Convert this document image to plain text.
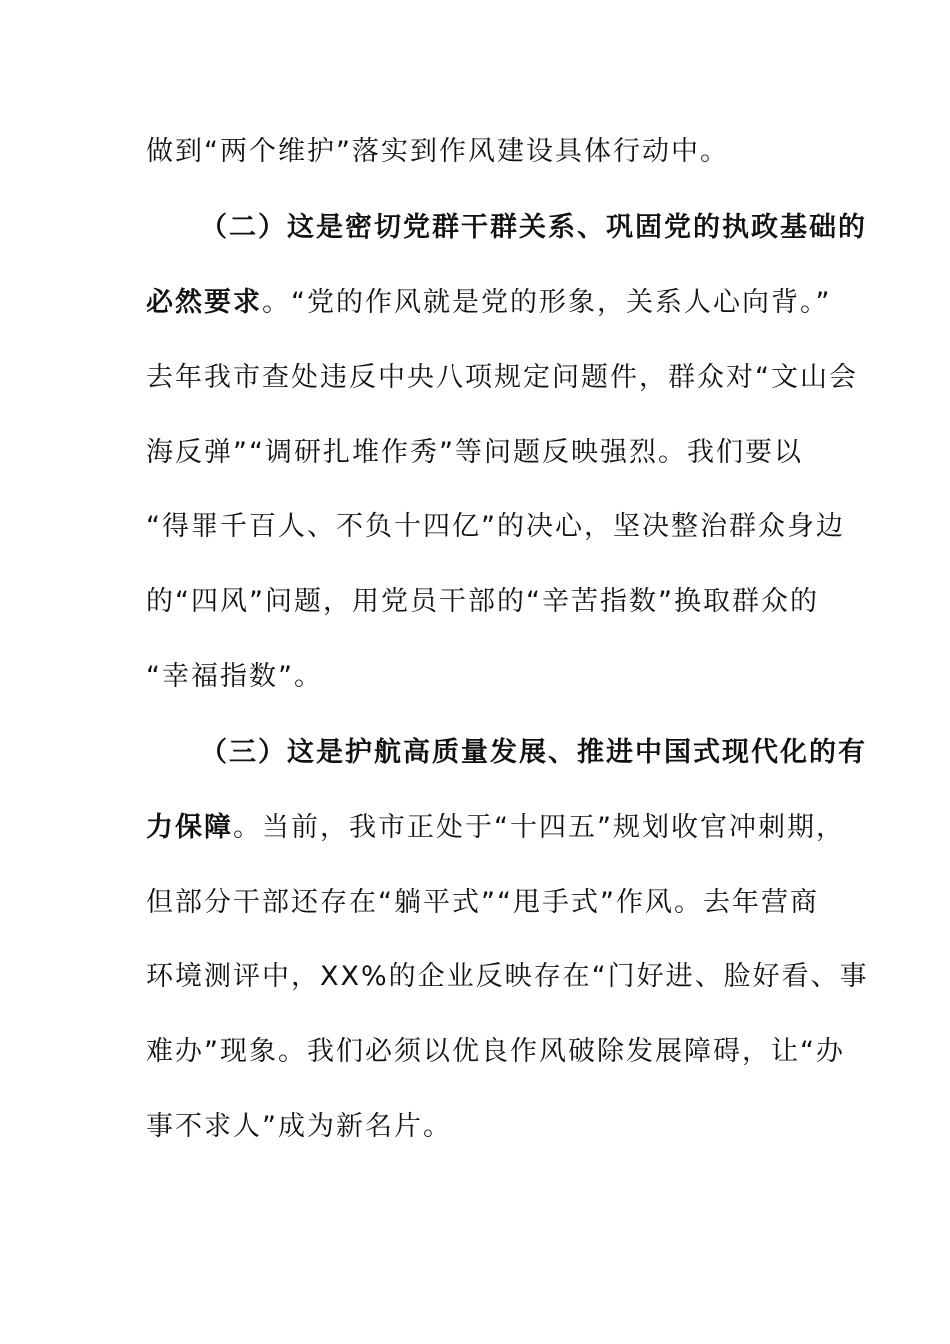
做到“两个维护”落实到作风建设具体行动中。
（二）这是密切党群干群关系、巩固党的执政基础的
必然要求。“党的作风就是党的形象，关系人心向背。”
去年我市查处违反中央八项规定问题件，群众对“文山会
海反弹”“调研扎堆作秀”等问题反映强烈。我们要以
“得罪千百人、不负十四亿”的决心，坚决整治群众身边
的“四风”问题，用党员干部的“辛苦指数”换取群众的
“幸福指数”。
（三）这是护航高质量发展、推进中国式现代化的有
力保障。当前，我市正处于“十四五”规划收官冲刺期，
但部分干部还存在“躺平式”“甩手式”作风。去年营商
环境测评中，XX%的企业反映存在“门好进、脸好看、事
难办”现象。我们必须以优良作风破除发展障碍，让“办
事不求人”成为新名片。
